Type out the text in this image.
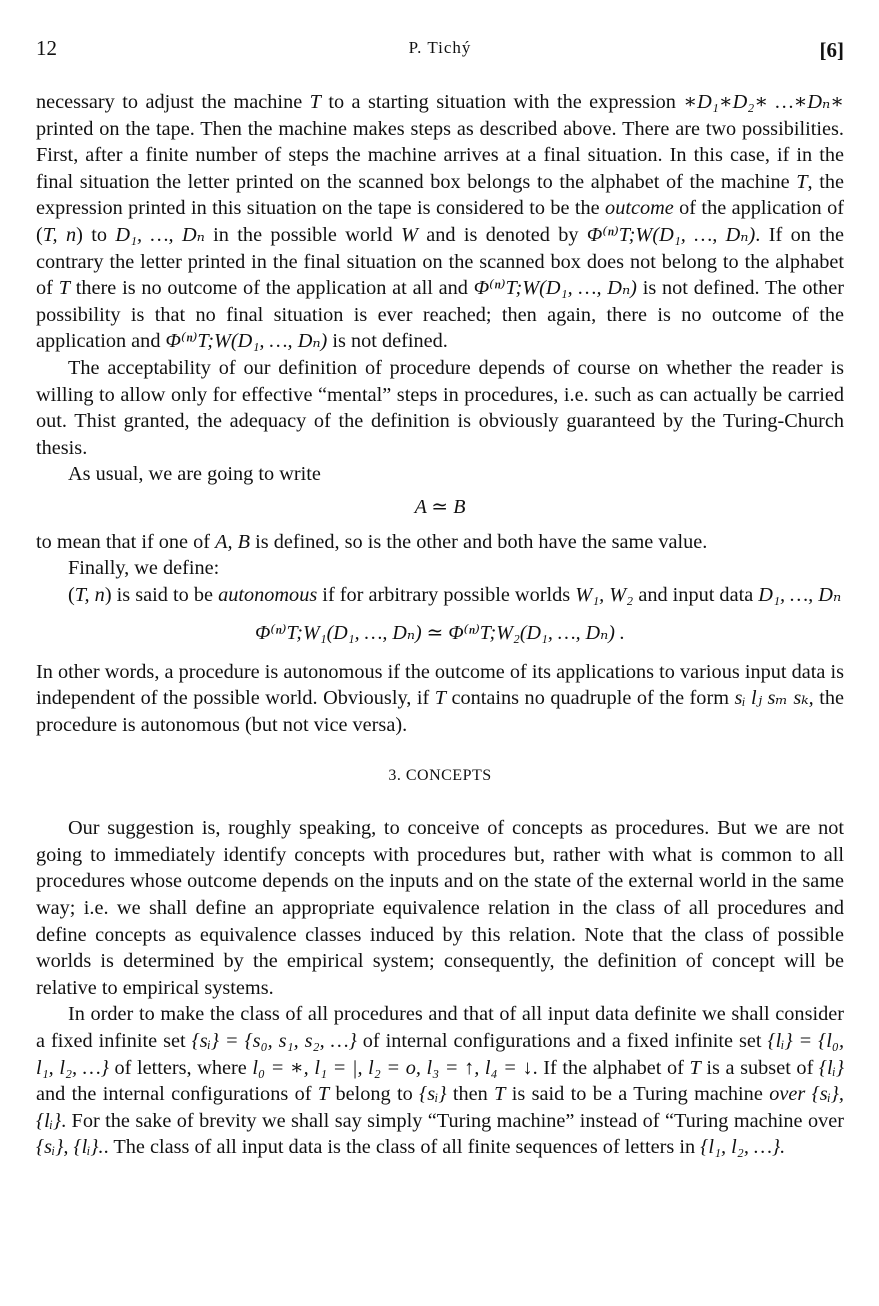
12	P. Tichý	[6]

necessary to adjust the machine T to a starting situation with the expression ∗D₁∗D₂∗ …∗Dₙ∗ printed on the tape. Then the machine makes steps as described above. There are two possibilities. First, after a finite number of steps the machine arrives at a final situation. In this case, if in the final situation the letter printed on the scanned box belongs to the alphabet of the machine T, the expression printed in this situation on the tape is considered to be the outcome of the application of (T, n) to D₁, …, Dₙ in the possible world W and is denoted by Φ⁽ⁿ⁾T;W(D₁, …, Dₙ). If on the contrary the letter printed in the final situation on the scanned box does not belong to the alphabet of T there is no outcome of the application at all and Φ⁽ⁿ⁾T;W(D₁, …, Dₙ) is not defined. The other possibility is that no final situation is ever reached; then again, there is no outcome of the application and Φ⁽ⁿ⁾T;W(D₁, …, Dₙ) is not defined.

The acceptability of our definition of procedure depends of course on whether the reader is willing to allow only for effective “mental” steps in procedures, i.e. such as can actually be carried out. Thist granted, the adequacy of the definition is obviously guaranteed by the Turing-Church thesis.

As usual, we are going to write

A ≃ B

to mean that if one of A, B is defined, so is the other and both have the same value.

Finally, we define:

(T, n) is said to be autonomous if for arbitrary possible worlds W₁, W₂ and input data D₁, …, Dₙ

Φ⁽ⁿ⁾T;W₁(D₁, …, Dₙ) ≃ Φ⁽ⁿ⁾T;W₂(D₁, …, Dₙ) .

In other words, a procedure is autonomous if the outcome of its applications to various input data is independent of the possible world. Obviously, if T contains no quadruple of the form sᵢ lⱼ sₘ sₖ, the procedure is autonomous (but not vice versa).

3. CONCEPTS

Our suggestion is, roughly speaking, to conceive of concepts as procedures. But we are not going to immediately identify concepts with procedures but, rather with what is common to all procedures whose outcome depends on the inputs and on the state of the external world in the same way; i.e. we shall define an appropriate equivalence relation in the class of all procedures and define concepts as equivalence classes induced by this relation. Note that the class of possible worlds is determined by the empirical system; consequently, the definition of concept will be relative to empirical systems.

In order to make the class of all procedures and that of all input data definite we shall consider a fixed infinite set {sᵢ} = {s₀, s₁, s₂, …} of internal configurations and a fixed infinite set {lᵢ} = {l₀, l₁, l₂, …} of letters, where l₀ = ∗, l₁ = |, l₂ = o, l₃ = ↑, l₄ = ↓. If the alphabet of T is a subset of {lᵢ} and the internal configurations of T belong to {sᵢ} then T is said to be a Turing machine over {sᵢ}, {lᵢ}. For the sake of brevity we shall say simply “Turing machine” instead of “Turing machine over {sᵢ}, {lᵢ}.. The class of all input data is the class of all finite sequences of letters in {l₁, l₂, …}.
